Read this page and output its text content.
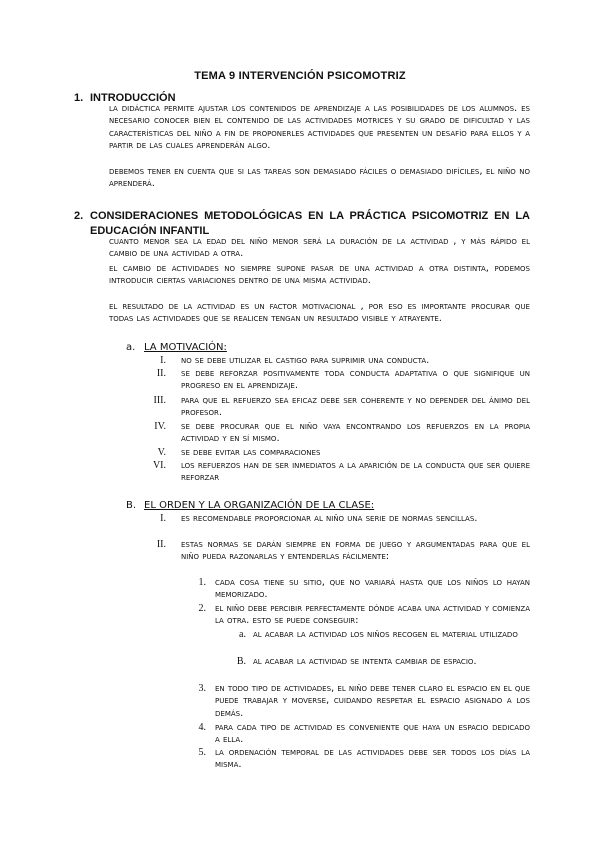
TEMA 9 INTERVENCIÓN PSICOMOTRIZ
1. INTRODUCCIÓN
la didáctica permite ajustar los contenidos de aprendizaje a las posibilidades de los alumnos. es necesario conocer bien el contenido de las actividades motrices y su grado de dificultad y las características del niño a fin de proponerles actividades que presenten un desafío para ellos y a partir de las cuales aprenderán algo.
debemos tener en cuenta que si las tareas son demasiado fáciles o demasiado difíciles, el niño no aprenderá.
2. CONSIDERACIONES METODOLÓGICAS EN LA PRÁCTICA PSICOMOTRIZ EN LA EDUCACIÓN INFANTIL
cuanto menor sea la edad del niño menor será la duración de la actividad , y más rápido el cambio de una actividad a otra.
el cambio de actividades no siempre supone pasar de una actividad a otra distinta, podemos introducir ciertas variaciones dentro de una misma actividad.
el resultado de la actividad es un factor motivacional , por eso es importante procurar que todas las actividades que se realicen tengan un resultado visible y atrayente.
a. LA MOTIVACIÓN:
I. no se debe utilizar el castigo para suprimir una conducta.
II. se debe reforzar positivamente toda conducta adaptativa o que signifique un progreso en el aprendizaje.
III. para que el refuerzo sea eficaz debe ser coherente y no depender del ánimo del profesor.
IV. se debe procurar que el niño vaya encontrando los refuerzos en la propia actividad y en sí mismo.
V. se debe evitar las comparaciones
VI. los refuerzos han de ser inmediatos a la aparición de la conducta que ser quiere reforzar
B. EL ORDEN Y LA ORGANIZACIÓN DE LA CLASE:
I. es recomendable proporcionar al niño una serie de normas sencillas.
II. estas normas se darán siempre en forma de juego y argumentadas para que el niño pueda razonarlas y entenderlas fácilmente:
1. cada cosa tiene su sitio, que no variará hasta que los niños lo hayan memorizado.
2. el niño debe percibir perfectamente dónde acaba una actividad y comienza la otra. esto se puede conseguir:
a. al acabar la actividad los niños recogen el material utilizado
B. al acabar la actividad se intenta cambiar de espacio.
3. en todo tipo de actividades, el niño debe tener claro el espacio en el que puede trabajar y moverse, cuidando respetar el espacio asignado a los demás.
4. para cada tipo de actividad es conveniente que haya un espacio dedicado a ella.
5. la ordenación temporal de las actividades debe ser todos los días la misma.
